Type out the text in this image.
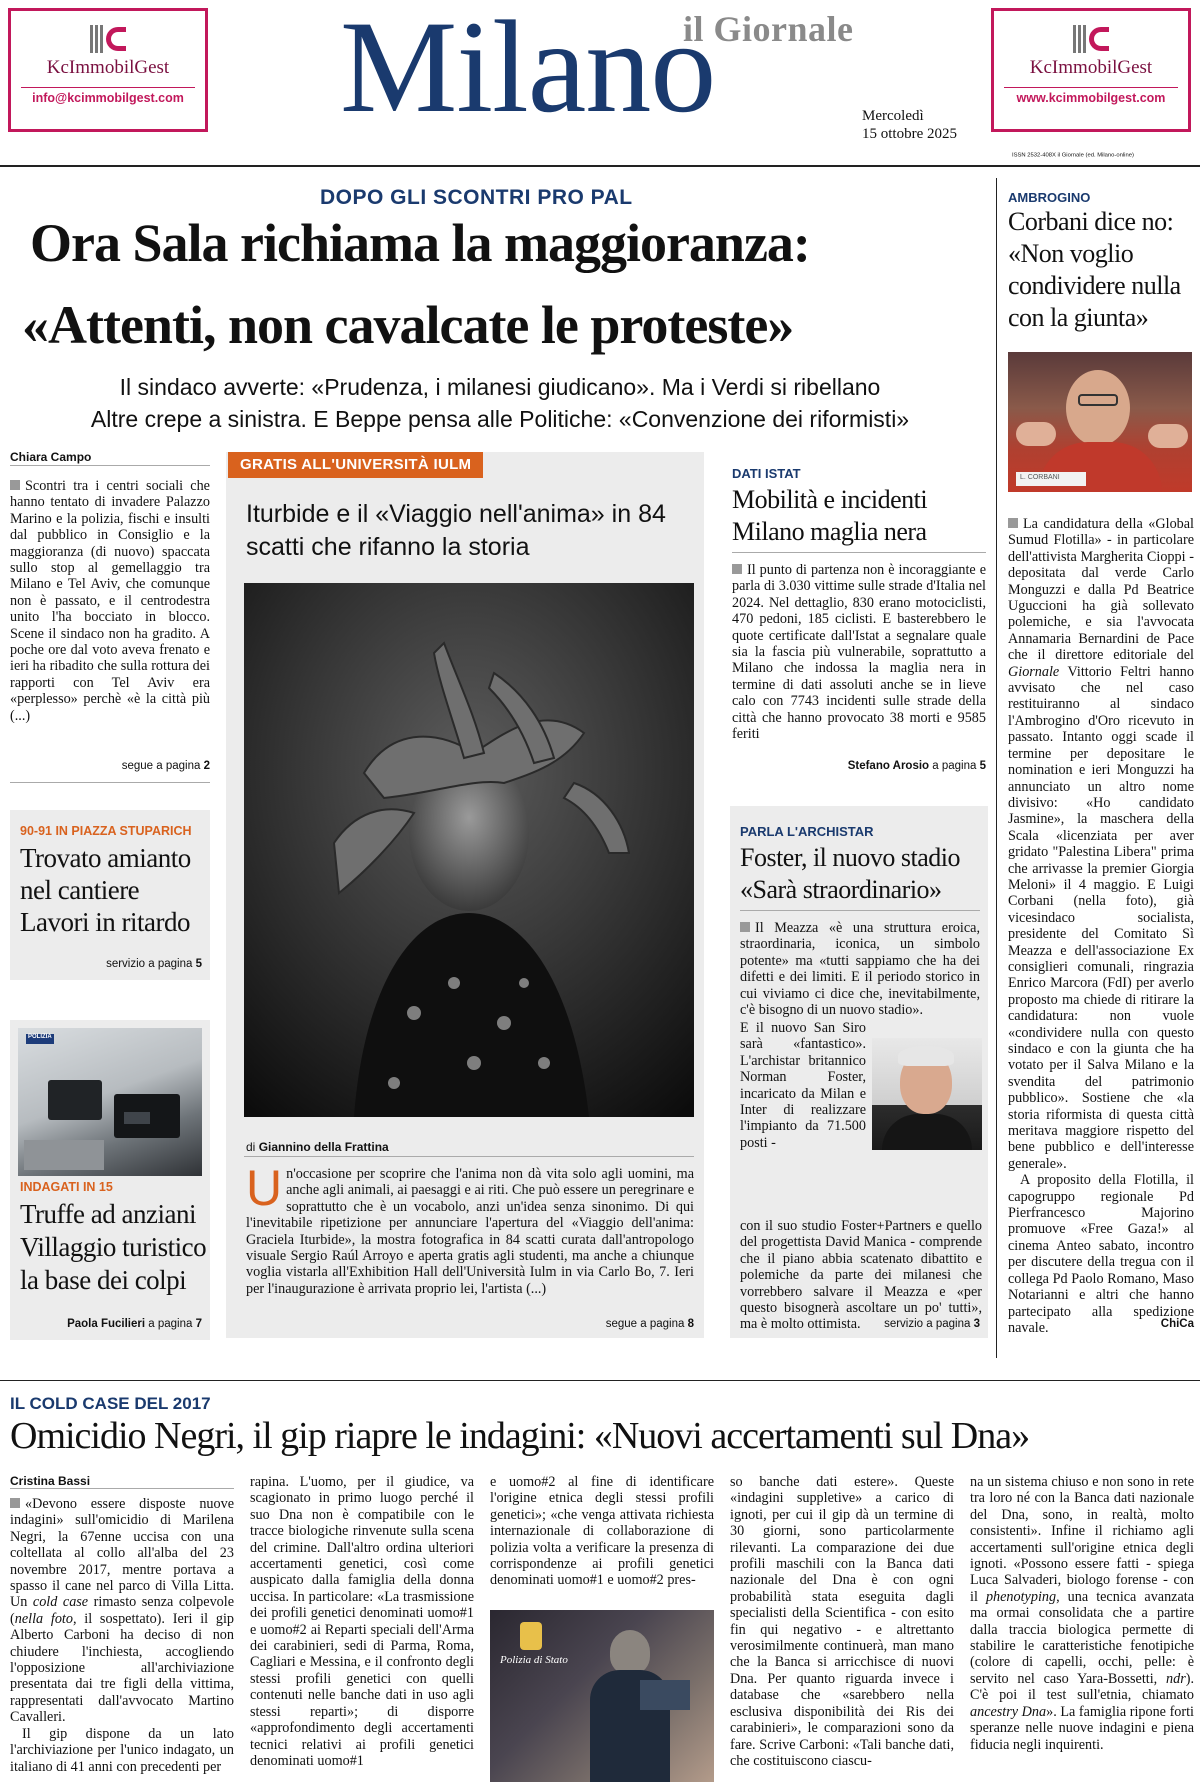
KcImmobilGest
info@kcimmobilgest.com
il Giornale
Milano	Mercoledì
15 ottobre 2025
ISSN 2532-408X il Giornale (ed. Milano-online)
KcImmobilGest
www.kcimmobilgest.com
DOPO GLI SCONTRI PRO PAL
Ora Sala richiama la maggioranza:
«Attenti, non cavalcate le proteste»
Il sindaco avverte: «Prudenza, i milanesi giudicano». Ma i Verdi si ribellano
Altre crepe a sinistra. E Beppe pensa alle Politiche: «Convenzione dei riformisti»
Chiara Campo
Scontri tra i centri sociali che hanno tentato di invadere Palazzo Marino e la polizia, fischi e insulti dal pubblico in Consiglio e la maggioranza (di nuovo) spaccata sullo stop al gemellaggio tra Milano e Tel Aviv, che comunque non è passato, e il centrodestra unito l'ha bocciato in blocco. Scene il sindaco non ha gradito. A poche ore dal voto aveva frenato e ieri ha ribadito che sulla rottura dei rapporti con Tel Aviv era «perplesso» perchè «è la città più (...)
segue a pagina 2
90-91 IN PIAZZA STUPARICH
Trovato amianto nel cantiere Lavori in ritardo
servizio a pagina 5
POLIZIA
INDAGATI IN 15
Truffe ad anziani Villaggio turistico la base dei colpi
Paola Fucilieri a pagina 7
GRATIS ALL'UNIVERSITÀ IULM
Iturbide e il «Viaggio nell'anima» in 84 scatti che rifanno la storia
di Giannino della Frattina
Un'occasione per scoprire che l'anima non dà vita solo agli uomini, ma anche agli animali, ai paesaggi e ai riti. Che può essere un peregrinare e soprattutto che è un vocabolo, anzi un'idea senza sinonimo. Di qui l'inevitabile ripetizione per annunciare l'apertura del «Viaggio dell'anima: Graciela Iturbide», la mostra fotografica in 84 scatti curata dall'antropologo visuale Sergio Raúl Arroyo e aperta gratis agli studenti, ma anche a chiunque voglia vistarla all'Exhibition Hall dell'Università Iulm in via Carlo Bo, 7. Ieri per l'inaugurazione è arrivata proprio lei, l'artista (...)
segue a pagina 8
DATI ISTAT
Mobilità e incidenti Milano maglia nera
Il punto di partenza non è incoraggiante e parla di 3.030 vittime sulle strade d'Italia nel 2024. Nel dettaglio, 830 erano motociclisti, 470 pedoni, 185 ciclisti. E basterebbero le quote certificate dall'Istat a segnalare quale sia la fascia più vulnerabile, soprattutto a Milano che indossa la maglia nera in termine di dati assoluti anche se in lieve calo con 7743 incidenti sulle strade della città che hanno provocato 38 morti e 9585 feriti
Stefano Arosio a pagina 5
PARLA L'ARCHISTAR
Foster, il nuovo stadio «Sarà straordinario»
Il Meazza «è una struttura eroica, straordinaria, iconica, un simbolo potente» ma «tutti sappiamo che ha dei difetti e dei limiti. E il periodo storico in cui viviamo ci dice che, inevitabilmente, c'è bisogno di un nuovo stadio».
E il nuovo San Siro sarà «fantastico». L'archistar britannico Norman Foster, incaricato da Milan e Inter di realizzare l'impianto da 71.500 posti -
con il suo studio Foster+Partners e quello del progettista David Manica - comprende che il piano abbia scatenato dibattito e polemiche da parte dei milanesi che vorrebbero salvare il Meazza e «per questo bisognerà ascoltare un po' tutti», ma è molto ottimista.	servizio a pagina 3
AMBROGINO
Corbani dice no: «Non voglio condividere nulla con la giunta»
L. CORBANI
La candidatura della «Global Sumud Flotilla» - in particolare dell'attivista Margherita Cioppi - depositata dal verde Carlo Monguzzi e dalla Pd Beatrice Uguccioni ha già sollevato polemiche, e sia l'avvocata Annamaria Bernardini de Pace che il direttore editoriale del Giornale Vittorio Feltri hanno avvisato che nel caso restituiranno al sindaco l'Ambrogino d'Oro ricevuto in passato. Intanto oggi scade il termine per depositare le nomination e ieri Monguzzi ha annunciato un altro nome divisivo: «Ho candidato Jasmine», la maschera della Scala «licenziata per aver gridato "Palestina Libera" prima che arrivasse la premier Giorgia Meloni» il 4 maggio. E Luigi Corbani (nella foto), già vicesindaco socialista, presidente del Comitato Sì Meazza e dell'associazione Ex consiglieri comunali, ringrazia Enrico Marcora (FdI) per averlo proposto ma chiede di ritirare la candidatura: non vuole «condividere nulla con questo sindaco e con la giunta che ha votato per il Salva Milano e la svendita del patrimonio pubblico». Sostiene che «la storia riformista di questa città meritava maggiore rispetto del bene pubblico e dell'interesse generale».

A proposito della Flotilla, il capogruppo regionale Pd Pierfrancesco Majorino promuove «Free Gaza!» al cinema Anteo sabato, incontro per discutere della tregua con il collega Pd Paolo Romano, Maso Notarianni e altri che hanno partecipato alla spedizione navale.	ChiCa
IL COLD CASE DEL 2017
Omicidio Negri, il gip riapre le indagini: «Nuovi accertamenti sul Dna»
Cristina Bassi
«Devono essere disposte nuove indagini» sull'omicidio di Marilena Negri, la 67enne uccisa con una coltellata al collo all'alba del 23 novembre 2017, mentre portava a spasso il cane nel parco di Villa Litta. Un cold case rimasto senza colpevole (nella foto, il sospettato). Ieri il gip Alberto Carboni ha deciso di non chiudere l'inchiesta, accogliendo l'opposizione all'archiviazione presentata dai tre figli della vittima, rappresentati dall'avvocato Martino Cavalleri.

Il gip dispone da un lato l'archiviazione per l'unico indagato, un italiano di 41 anni con precedenti per

rapina. L'uomo, per il giudice, va scagionato in primo luogo perché il suo Dna non è compatibile con le tracce biologiche rinvenute sulla scena del crimine. Dall'altro ordina ulteriori accertamenti genetici, così come auspicato dalla famiglia della donna uccisa. In particolare: «La trasmissione dei profili genetici denominati uomo#1 e uomo#2 ai Reparti speciali dell'Arma dei carabinieri, sedi di Parma, Roma, Cagliari e Messina, e il confronto degli stessi profili genetici con quelli contenuti nelle banche dati in uso agli stessi reparti»; di disporre «approfondimento degli accertamenti tecnici relativi ai profili genetici denominati uomo#1
e uomo#2 al fine di identificare l'origine etnica degli stessi profili genetici»; «che venga attivata richiesta internazionale di collaborazione di polizia volta a verificare la presenza di corrispondenze ai profili genetici denominati uomo#1 e uomo#2 pres-
Polizia di Stato
so banche dati estere». Queste «indagini suppletive» a carico di ignoti, per cui il gip dà un termine di 30 giorni, sono particolarmente rilevanti. La comparazione dei due profili maschili con la Banca dati nazionale del Dna è con ogni probabilità stata eseguita dagli specialisti della Scientifica - con esito fin qui negativo - e altrettanto verosimilmente continuerà, man mano che la Banca si arricchisce di nuovi Dna. Per quanto riguarda invece i database che «sarebbero nella esclusiva disponibilità dei Ris dei carabinieri», le comparazioni sono da fare. Scrive Carboni: «Tali banche dati, che costituiscono ciascu-
na un sistema chiuso e non sono in rete tra loro né con la Banca dati nazionale del Dna, sono, in realtà, molto consistenti». Infine il richiamo agli accertamenti sull'origine etnica degli ignoti. «Possono essere fatti - spiega Luca Salvaderi, biologo forense - con il phenotyping, una tecnica avanzata ma ormai consolidata che a partire dalla traccia biologica permette di stabilire le caratteristiche fenotipiche (colore di capelli, occhi, pelle: è servito nel caso Yara-Bossetti, ndr). C'è poi il test sull'etnia, chiamato ancestry Dna». La famiglia ripone forti speranze nelle nuove indagini e piena fiducia negli inquirenti.
